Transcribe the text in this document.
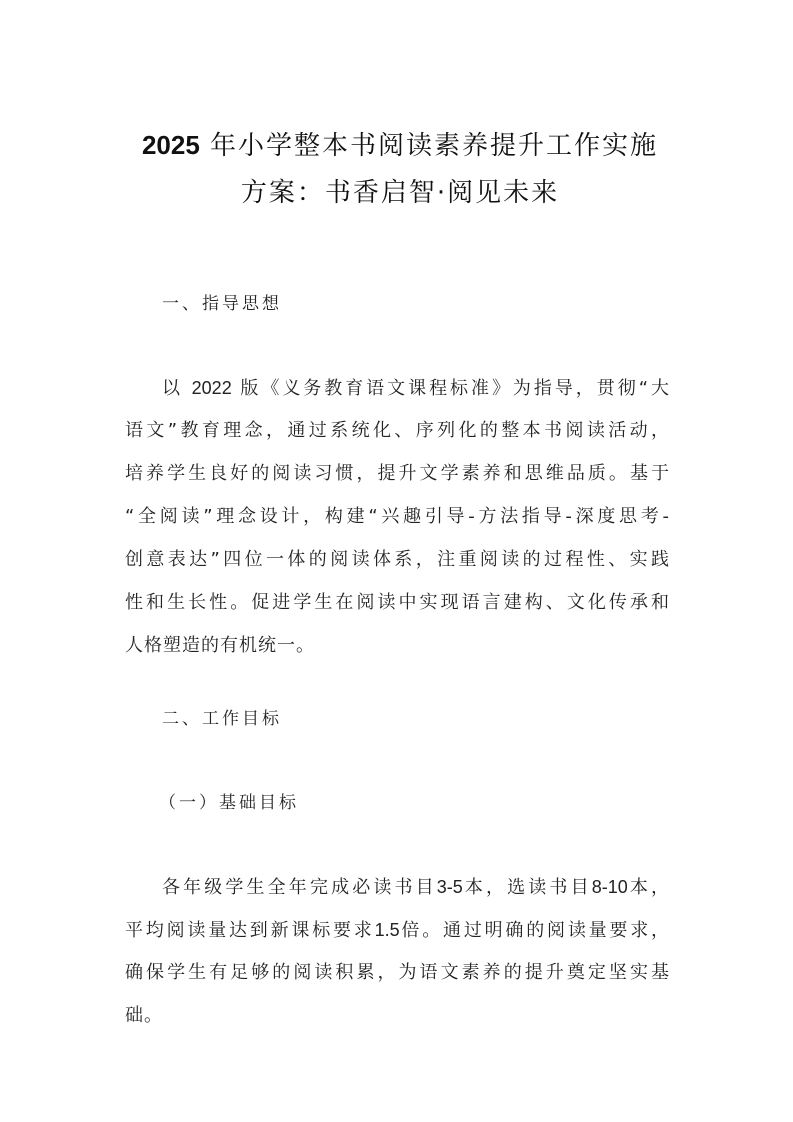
2025 年小学整本书阅读素养提升工作实施
方案：书香启智·阅见未来
一、指导思想
以 2022 版《义务教育语文课程标准》为指导，贯彻“大
语文”教育理念，通过系统化、序列化的整本书阅读活动，
培养学生良好的阅读习惯，提升文学素养和思维品质。基于
“全阅读”理念设计，构建“兴趣引导-方法指导-深度思考-
创意表达”四位一体的阅读体系，注重阅读的过程性、实践
性和生长性。促进学生在阅读中实现语言建构、文化传承和
人格塑造的有机统一。
二、工作目标
（一）基础目标
各年级学生全年完成必读书目3-5本，选读书目8-10本，
平均阅读量达到新课标要求1.5倍。通过明确的阅读量要求，
确保学生有足够的阅读积累，为语文素养的提升奠定坚实基
础。
